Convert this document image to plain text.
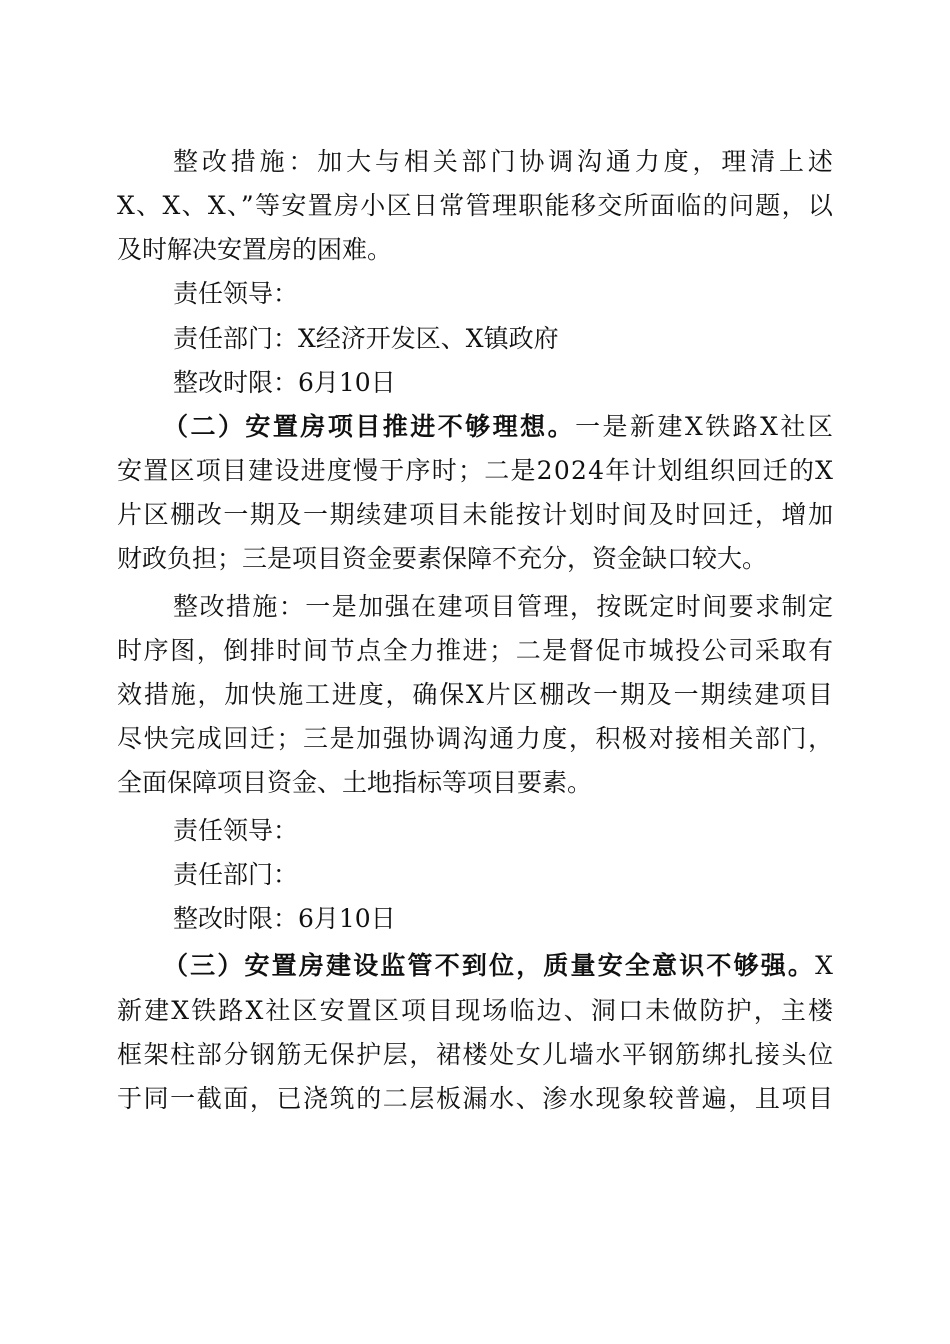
整改措施：加大与相关部门协调沟通力度，理清上述
X、X、X、”等安置房小区日常管理职能移交所面临的问题，以
及时解决安置房的困难。
责任领导：
责任部门：X经济开发区、X镇政府
整改时限：6月10日
（二）安置房项目推进不够理想。一是新建X铁路X社区
安置区项目建设进度慢于序时；二是2024年计划组织回迁的X
片区棚改一期及一期续建项目未能按计划时间及时回迁，增加
财政负担；三是项目资金要素保障不充分，资金缺口较大。
整改措施：一是加强在建项目管理，按既定时间要求制定
时序图，倒排时间节点全力推进；二是督促市城投公司采取有
效措施，加快施工进度，确保X片区棚改一期及一期续建项目
尽快完成回迁；三是加强协调沟通力度，积极对接相关部门，
全面保障项目资金、土地指标等项目要素。
责任领导：
责任部门：
整改时限：6月10日
（三）安置房建设监管不到位，质量安全意识不够强。X
新建X铁路X社区安置区项目现场临边、洞口未做防护，主楼
框架柱部分钢筋无保护层，裙楼处女儿墙水平钢筋绑扎接头位
于同一截面，已浇筑的二层板漏水、渗水现象较普遍，且项目
